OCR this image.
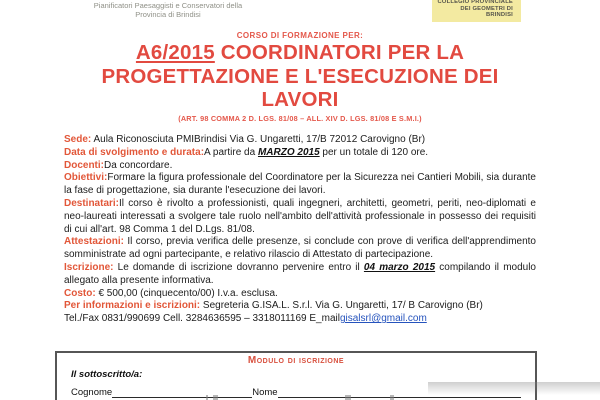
Pianificatori Paesaggisti e Conservatori della
Provincia di Brindisi
COLLEGIO PROVINCIALE
DEI GEOMETRI DI
BRINDISI
CORSO DI FORMAZIONE PER:
A6/2015 COORDINATORI PER LA
PROGETTAZIONE E L'ESECUZIONE DEI
LAVORI
(ART. 98 COMMA 2 D. LGS. 81/08 – ALL. XIV D. LGS. 81/08 E S.M.I.)

Sede: Aula Riconosciuta PMIBrindisi Via G. Ungaretti, 17/B 72012 Carovigno (Br)

Data di svolgimento e durata:A partire da MARZO 2015 per un totale di 120 ore.

Docenti:Da concordare.

Obiettivi:Formare la figura professionale del Coordinatore per la Sicurezza nei Cantieri Mobili, sia durante la fase di progettazione, sia durante l'esecuzione dei lavori.

Destinatari:Il corso è rivolto a professionisti, quali ingegneri, architetti, geometri, periti, neo-diplomati e neo-laureati interessati a svolgere tale ruolo nell'ambito dell'attività professionale in possesso dei requisiti di cui all'art. 98 Comma 1 del D.Lgs. 81/08.

Attestazioni: Il corso, previa verifica delle presenze, si conclude con prove di verifica dell'apprendimento somministrate ad ogni partecipante, e relativo rilascio di Attestato di partecipazione.

Iscrizione: Le domande di iscrizione dovranno pervenire entro il 04 marzo 2015 compilando il modulo allegato alla presente informativa.

Costo: € 500,00 (cinquecento/00) I.v.a. esclusa.

Per informazioni e iscrizioni: Segreteria G.ISA.L. S.r.l. Via G. Ungaretti, 17/ B Carovigno (Br)

Tel./Fax 0831/990699 Cell. 3284636595 – 3318011169 E_mailgisalsrl@gmail.com

Modulo di iscrizione
Il sottoscritto/a:
Cognome	Nome
